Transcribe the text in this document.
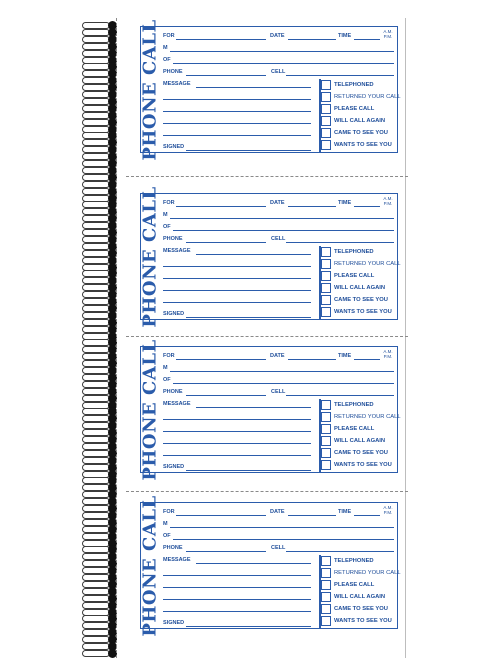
PHONE CALL FOR	DATE	TIME
A.M.
P.M.
M
OF
PHONE	CELL
MESSAGE
SIGNED
TELEPHONED
RETURNED YOUR CALL
PLEASE CALL
WILL CALL AGAIN
CAME TO SEE YOU
WANTS TO SEE YOU
PHONE CALL FOR	DATE	TIME
A.M.
P.M.
M
OF
PHONE	CELL
MESSAGE
SIGNED
TELEPHONED
RETURNED YOUR CALL
PLEASE CALL
WILL CALL AGAIN
CAME TO SEE YOU
WANTS TO SEE YOU
PHONE CALL FOR	DATE	TIME
A.M.
P.M.
M
OF
PHONE	CELL
MESSAGE
SIGNED
TELEPHONED
RETURNED YOUR CALL
PLEASE CALL
WILL CALL AGAIN
CAME TO SEE YOU
WANTS TO SEE YOU
PHONE CALL FOR	DATE	TIME
A.M.
P.M.
M
OF
PHONE	CELL
MESSAGE
SIGNED
TELEPHONED
RETURNED YOUR CALL
PLEASE CALL
WILL CALL AGAIN
CAME TO SEE YOU
WANTS TO SEE YOU
